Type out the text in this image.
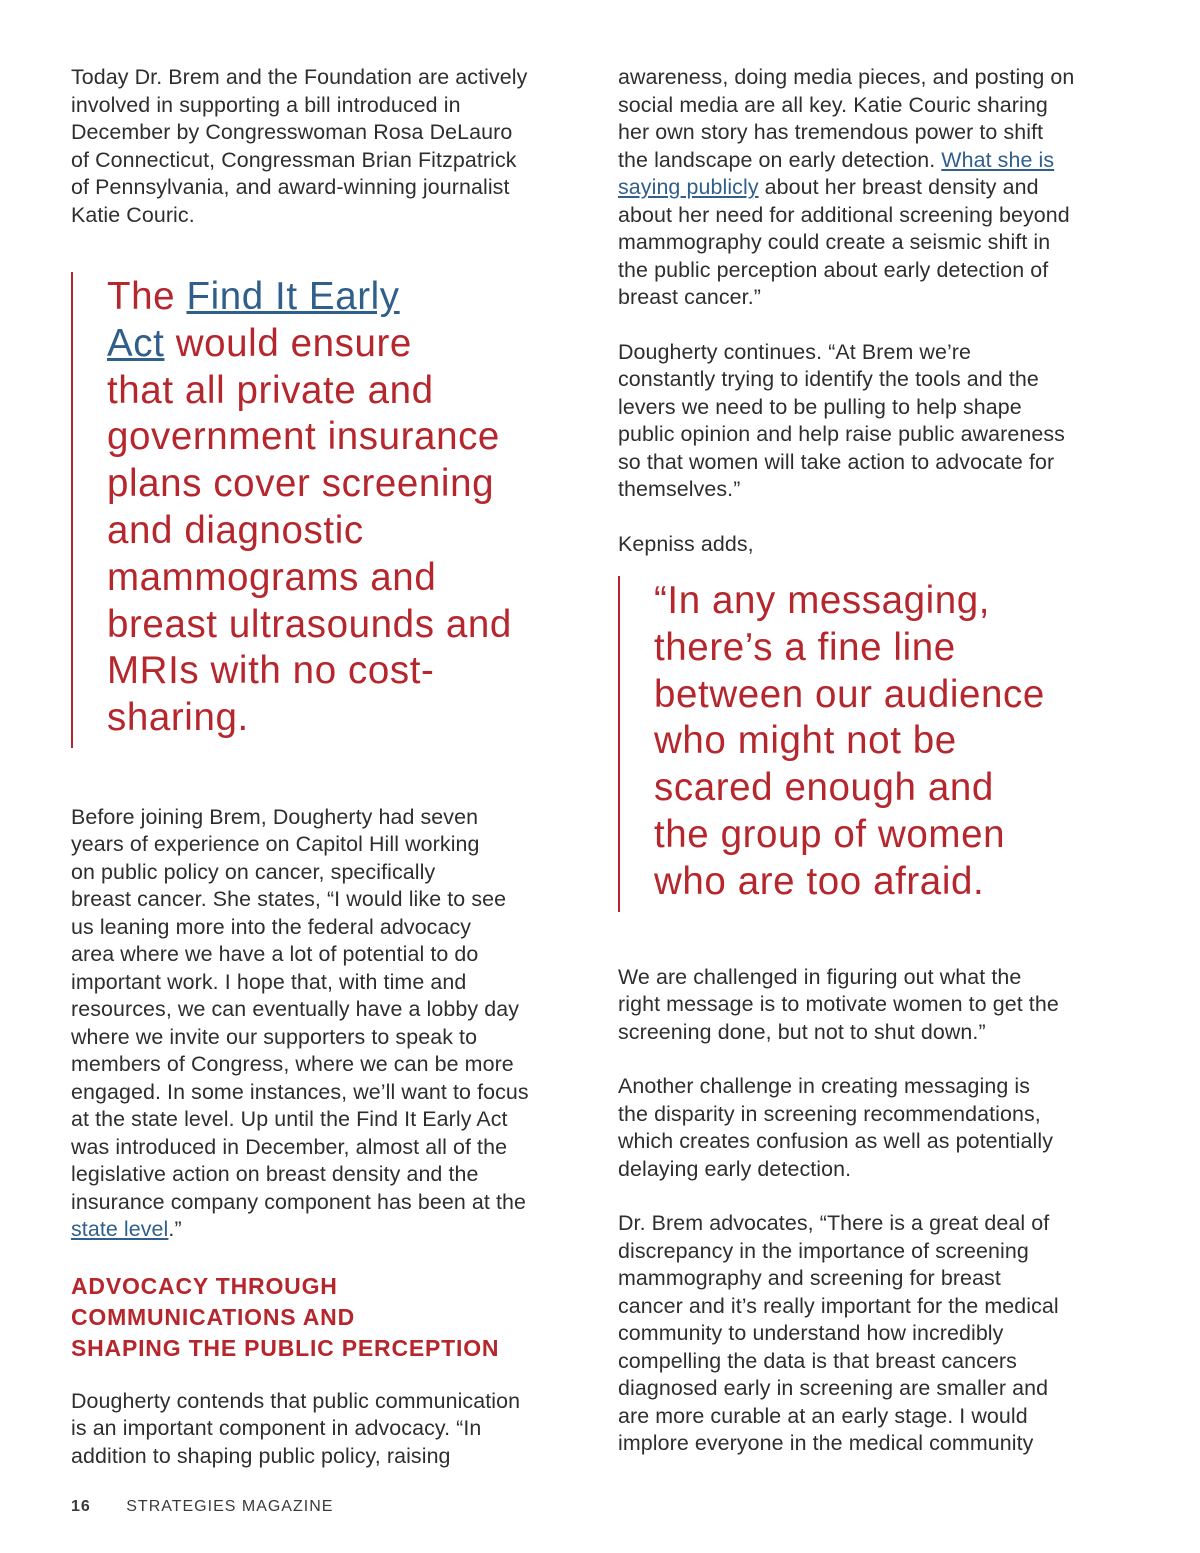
Today Dr. Brem and the Foundation are actively
involved in supporting a bill introduced in
December by Congresswoman Rosa DeLauro
of Connecticut, Congressman Brian Fitzpatrick
of Pennsylvania, and award-winning journalist
Katie Couric.

The Find It Early
Act would ensure
that all private and
government insurance
plans cover screening
and diagnostic
mammograms and
breast ultrasounds and
MRIs with no cost-
sharing.

Before joining Brem, Dougherty had seven
years of experience on Capitol Hill working
on public policy on cancer, specifically
breast cancer. She states, “I would like to see
us leaning more into the federal advocacy
area where we have a lot of potential to do
important work. I hope that, with time and
resources, we can eventually have a lobby day
where we invite our supporters to speak to
members of Congress, where we can be more
engaged. In some instances, we’ll want to focus
at the state level. Up until the Find It Early Act
was introduced in December, almost all of the
legislative action on breast density and the
insurance company component has been at the
state level.”

ADVOCACY THROUGH
COMMUNICATIONS AND
SHAPING THE PUBLIC PERCEPTION

Dougherty contends that public communication
is an important component in advocacy. “In
addition to shaping public policy, raising

awareness, doing media pieces, and posting on
social media are all key. Katie Couric sharing
her own story has tremendous power to shift
the landscape on early detection. What she is
saying publicly about her breast density and
about her need for additional screening beyond
mammography could create a seismic shift in
the public perception about early detection of
breast cancer.”

Dougherty continues. “At Brem we’re
constantly trying to identify the tools and the
levers we need to be pulling to help shape
public opinion and help raise public awareness
so that women will take action to advocate for
themselves.”

Kepniss adds,

“In any messaging,
there’s a fine line
between our audience
who might not be
scared enough and
the group of women
who are too afraid.

We are challenged in figuring out what the
right message is to motivate women to get the
screening done, but not to shut down.”

Another challenge in creating messaging is
the disparity in screening recommendations,
which creates confusion as well as potentially
delaying early detection.

Dr. Brem advocates, “There is a great deal of
discrepancy in the importance of screening
mammography and screening for breast
cancer and it’s really important for the medical
community to understand how incredibly
compelling the data is that breast cancers
diagnosed early in screening are smaller and
are more curable at an early stage. I would
implore everyone in the medical community

16 STRATEGIES MAGAZINE
